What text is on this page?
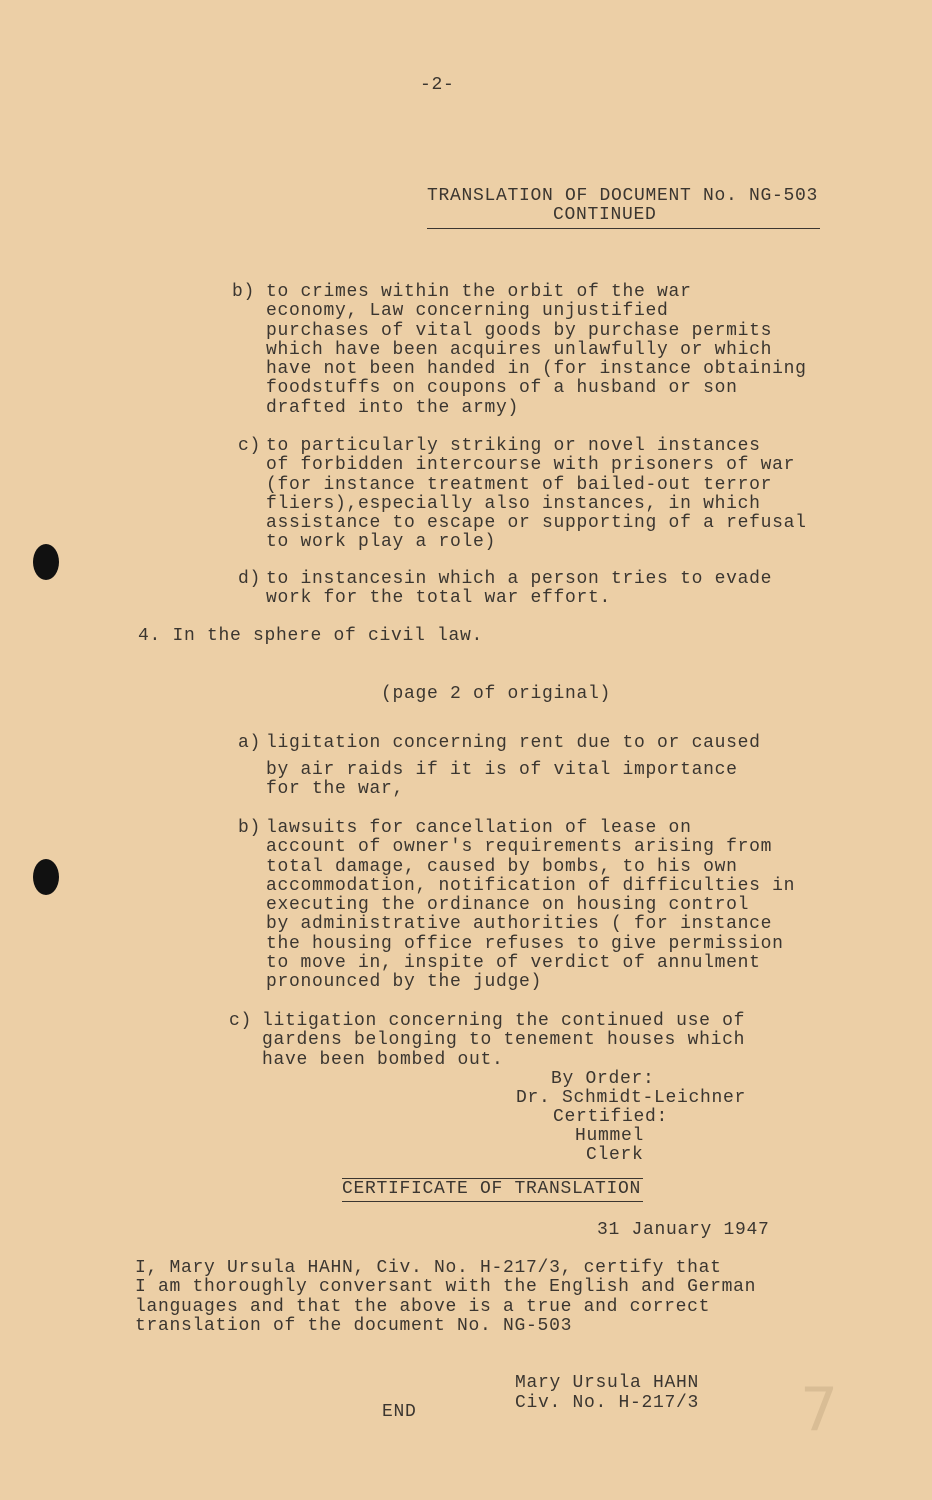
7
-2-
TRANSLATION OF DOCUMENT No. NG-503
CONTINUED
b) to crimes within the orbit of the war
economy, Law concerning unjustified
purchases of vital goods by purchase permits
which have been acquires unlawfully or which
have not been handed in (for instance obtaining
foodstuffs on coupons of a husband or son
drafted into the army)
c) to particularly striking or novel instances
of forbidden intercourse with prisoners of war
(for instance treatment of bailed-out terror
fliers),especially also instances, in which
assistance to escape or supporting of a refusal
to work play a role)
d) to instancesin which a person tries to evade
work for the total war effort.
4. In the sphere of civil law.
(page 2 of original)
a) ligitation concerning rent due to or caused
by air raids if it is of vital importance
for the war,
b) lawsuits for cancellation of lease on
account of owner's requirements arising from
total damage, caused by bombs, to his own
accommodation, notification of difficulties in
executing the ordinance on housing control
by administrative authorities ( for instance
the housing office refuses to give permission
to move in, inspite of verdict of annulment
pronounced by the judge)
c) litigation concerning the continued use of
gardens belonging to tenement houses which
have been bombed out.
By Order:
Dr. Schmidt-Leichner
Certified:
Hummel
Clerk
CERTIFICATE OF TRANSLATION
31 January 1947
I, Mary Ursula HAHN, Civ. No. H-217/3, certify that
I am thoroughly conversant with the English and German
languages and that the above is a true and correct
translation of the document No. NG-503
Mary Ursula HAHN
Civ. No. H-217/3
END
